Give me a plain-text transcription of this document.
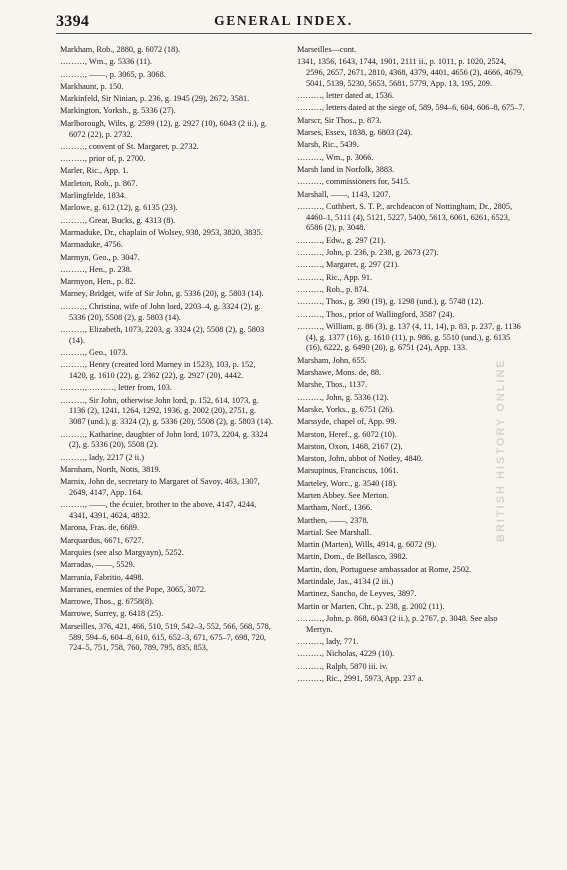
3394	GENERAL INDEX.

Markham, Rob., 2880, g. 6072 (18).

………, Wm., g. 5336 (11).

………, ——, p. 3065, p. 3068.

Markhaunt, p. 150.

Markinfeld, Sir Ninian, p. 236, g. 1945 (29), 2672, 3581.

Markington, Yorksh., g. 5336 (27).

Marlborough, Wilts, g. 2599 (12), g. 2927 (10), 6043 (2 ii.), g. 6072 (22), p. 2732.

………, convent of St. Margaret, p. 2732.

………, prior of, p. 2700.

Marler, Ric., App. 1.

Marleton, Rob., p. 867.

Marlingfelde, 1834.

Marlowe, g. 612 (12), g. 6135 (23).

………, Great, Bucks, g. 4313 (8).

Marmaduke, Dr., chaplain of Wolsey, 938, 2953, 3820, 3835.

Marmaduke, 4756.

Marmyn, Geo., p. 3047.

………, Hen., p. 238.

Marmyon, Hen., p. 82.

Marney, Bridget, wife of Sir John, g. 5336 (20), g. 5803 (14).

………, Christina, wife of John lord, 2203–4, g. 3324 (2), g. 5336 (20), 5508 (2), g. 5803 (14).

………, Elizabeth, 1073, 2203, g. 3324 (2), 5508 (2), g. 5803 (14).

………, Geo., 1073.

………, Henry (created lord Marney in 1523), 103, p. 152, 1420, g. 1610 (22), g. 2362 (22), g. 2927 (20), 4442.

………, ………, letter from, 103.

………, Sir John, otherwise John lord, p. 152, 614, 1073, g. 1136 (2), 1241, 1264, 1292, 1936, g. 2002 (20), 2751, g. 3087 (und.), g. 3324 (2), g. 5336 (20), 5508 (2), g. 5803 (14).

………, Katharine, daughter of John lord, 1073, 2204, g. 3324 (2), g. 5336 (20), 5508 (2).

………, lady, 2217 (2 ii.)

Marnham, North, Notts, 3819.

Marnix, John de, secretary to Margaret of Savoy, 463, 1307, 2649, 4147, App. 164.

………, ——, the écuier, brother to the above, 4147, 4244, 4341, 4391, 4624, 4832.

Marona, Fras. de, 6689.

Marquardus, 6671, 6727.

Marquies (see also Margyayn), 5252.

Marradas, ——, 5529.

Marrania, Fabritio, 4498.

Marranes, enemies of the Pope, 3065, 3072.

Marrowe, Thos., g. 6758(8).

Marrowe, Surrey, g. 6418 (25).

Marseilles, 376, 421, 466, 510, 519, 542–3, 552, 566, 568, 578, 589, 594–6, 604–8, 610, 615, 652–3, 671, 675–7, 698, 720, 724–5, 751, 758, 760, 789, 795, 835, 853,

Marseilles—cont.

1341, 1356, 1643, 1744, 1901, 2111 ii., p. 1011, p. 1020, 2524, 2596, 2657, 2671, 2810, 4368, 4379, 4401, 4656 (2), 4666, 4679, 5041, 5139, 5230, 5653, 5681, 5779, App. 13, 195, 209.

………, letter dated at, 1536.

………, letters dated at the siege of, 589, 594–6, 604, 606–8, 675–7.

Marscr, Sir Thos., p. 873.

Marses, Essex, 1838, g. 6803 (24).

Marsh, Ric., 5439.

………, Wm., p. 3066.

Marsh land in Norfolk, 3883.

………, commissioners for, 5415.

Marshall, ——, 1143, 1207.

………, Cuthbert, S. T. P., archdeacon of Nottingham, Dr., 2805, 4460–1, 5111 (4), 5121, 5227, 5400, 5613, 6061, 6261, 6523, 6586 (2), p. 3048.

………, Edw., g. 297 (21).

………, John, p. 236, p. 238, g. 2673 (27).

………, Margaret, g. 297 (21).

………, Ric., App. 91.

………, Rob., p. 874.

………, Thos., g. 390 (19), g. 1298 (und.), g. 5748 (12).

………, Thos., prior of Wallingford, 3587 (24).

………, William, g. 86 (3), g. 137 (4, 11, 14), p. 83, p. 237, g. 1136 (4), g. 1377 (16), g. 1610 (11), p. 986, g. 5510 (und.), g. 6135 (16), 6222, g. 6490 (20), g. 6751 (24), App. 133.

Marsham, John, 655.

Marshawe, Mons. de, 88.

Marshe, Thos., 1137.

………, John, g. 5336 (12).

Marske, Yorks., g. 6751 (26).

Marssyde, chapel of, App. 99.

Marston, Heref., g. 6072 (10).

Marston, Oxon, 1468, 2167 (2).

Marston, John, abbot of Notley, 4840.

Marsupinus, Franciscus, 1061.

Marteley, Worc., g. 3540 (18).

Marten Abbey. See Merton.

Martham, Norf., 1366.

Marthen, ——, 2378.

Martial. See Marshall.

Martin (Marten), Wills, 4914, g. 6072 (9).

Martin, Dom., de Bellasco, 3982.

Martin, don, Portuguese ambassador at Rome, 2502.

Martindale, Jas., 4134 (2 iii.)

Martinez, Sancho, de Leyves, 3897.

Martin or Marten, Chr., p. 238, g. 2002 (11).

………, John, p. 868, 6043 (2 ii.), p. 2767, p. 3048. See also Mertyn.

………, lady, 771.

………, Nicholas, 4229 (10).

………, Ralph, 5870 iii. iv.

………, Ric., 2991, 5973, App. 237 a.

BRITISH HISTORY ONLINE
